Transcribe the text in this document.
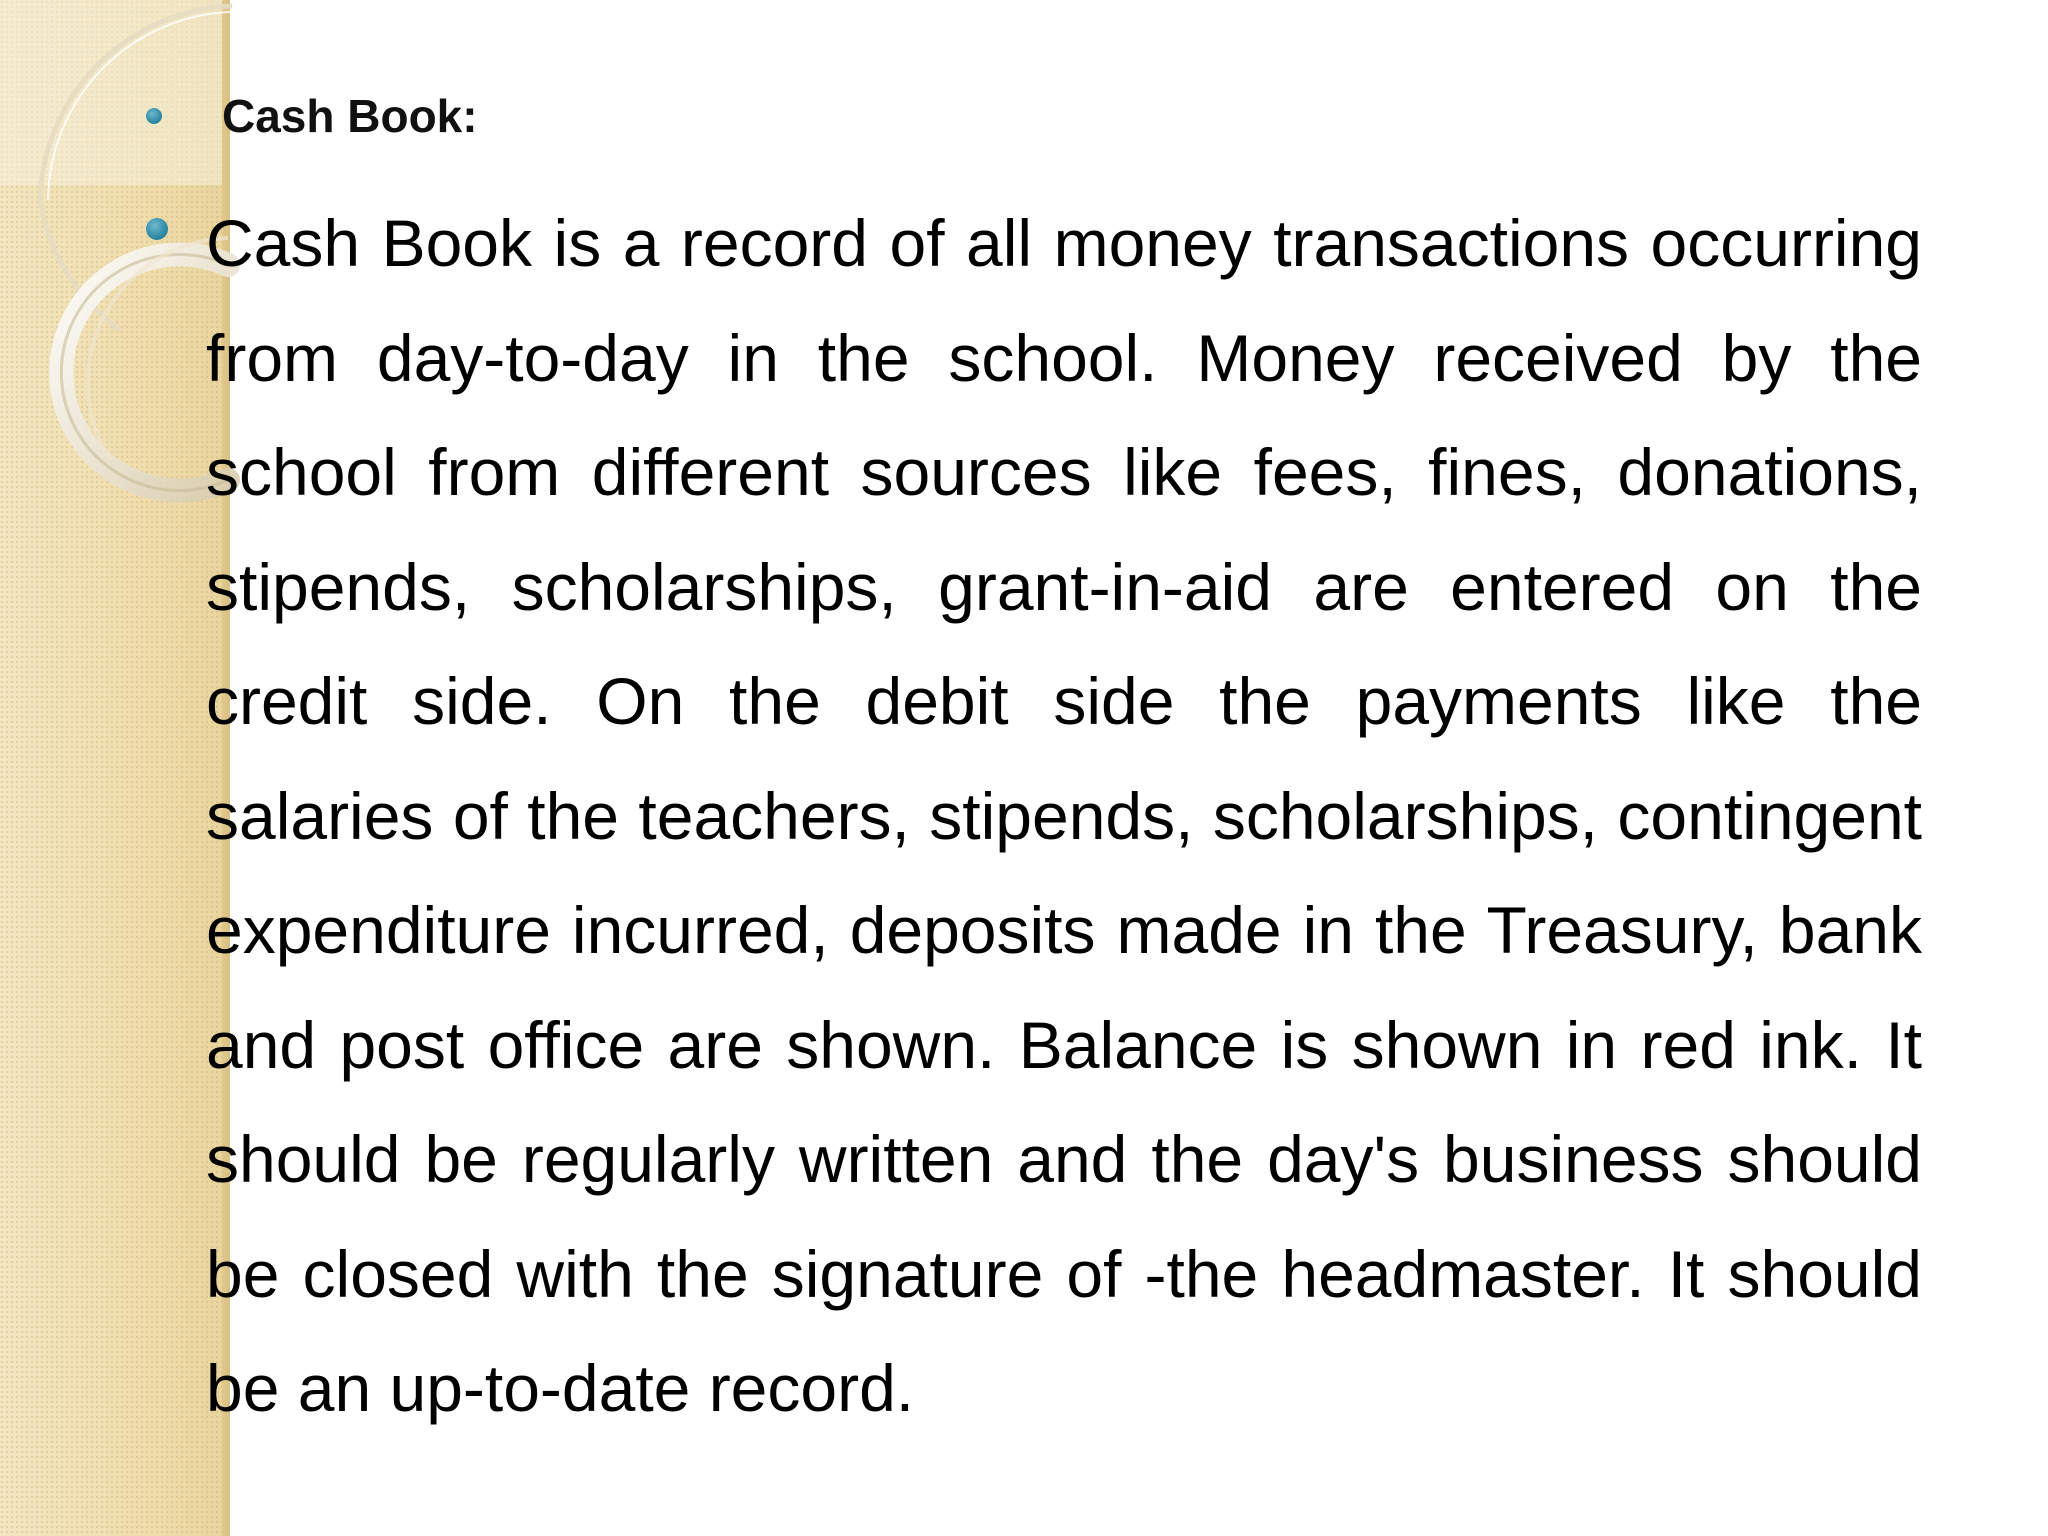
Cash Book:

Cash Book is a record of all money transactions occurring from day-to-day in the school. Money received by the school from different sources like fees, fines, donations, stipends, scholarships, grant-in-aid are entered on the credit side. On the debit side the payments like the salaries of the teachers, stipends, scholarships, contingent expenditure incurred, deposits made in the Treasury, bank and post office are shown. Balance is shown in red ink. It should be regularly written and the day's business should be closed with the signature of -the headmaster. It should be an up-to-date record.
